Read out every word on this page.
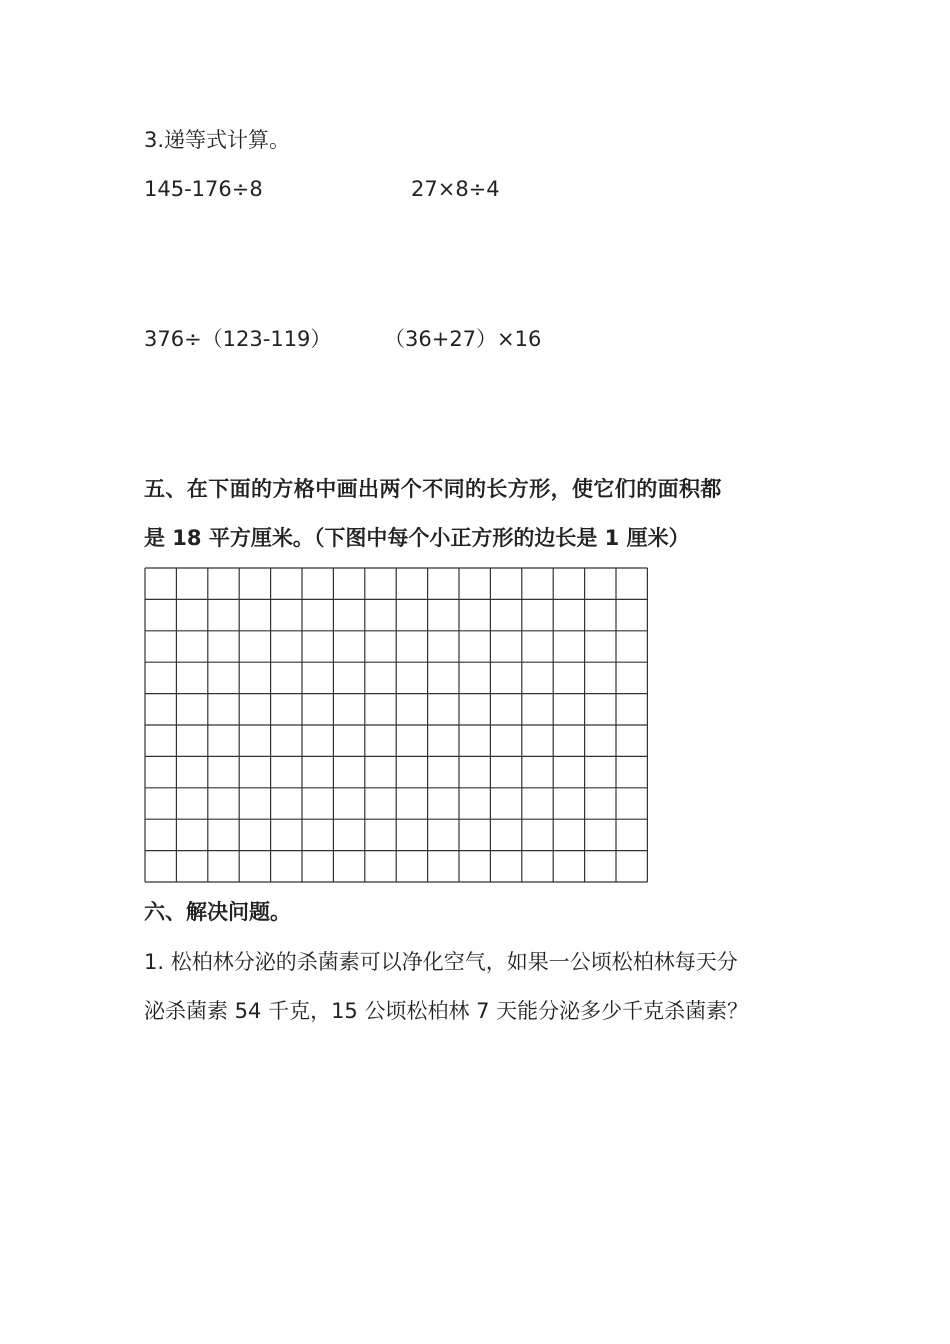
3.递等式计算。
145-176÷8	27×8÷4
376÷（123-119）	（36+27）×16
五、在下面的方格中画出两个不同的长方形，使它们的面积都
是 18 平方厘米。（下图中每个小正方形的边长是 1 厘米）
六、解决问题。
1. 松柏林分泌的杀菌素可以净化空气，如果一公顷松柏林每天分
泌杀菌素 54 千克，15 公顷松柏林 7 天能分泌多少千克杀菌素？
